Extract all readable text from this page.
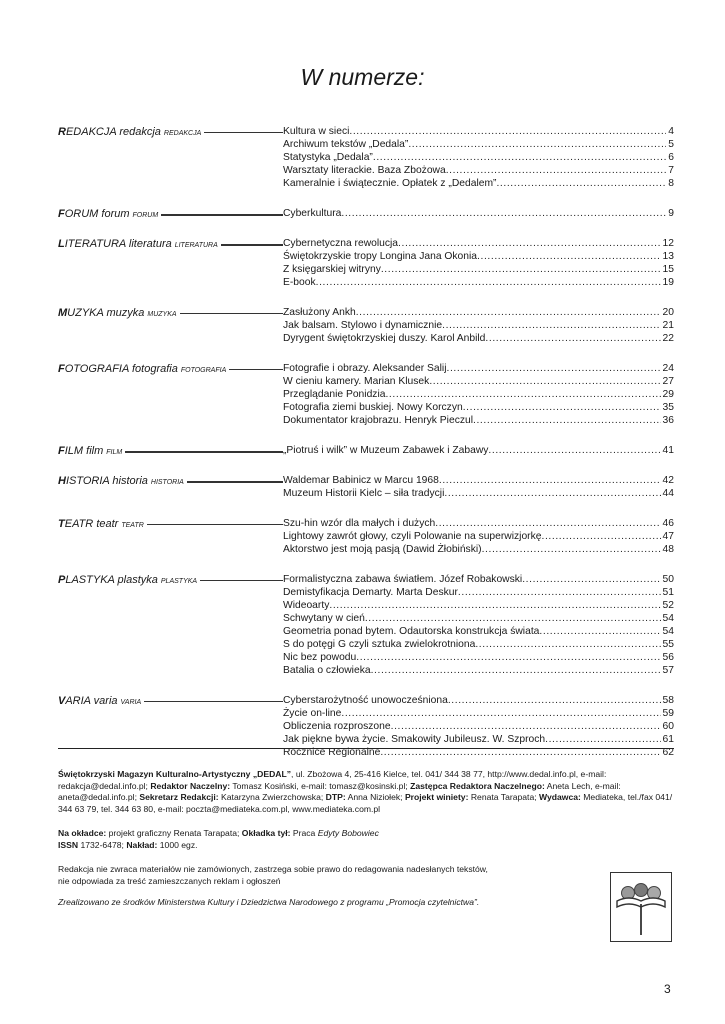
W numerze:
REDAKCJA redakcja REDAKCJA	Kultura w sieci .....	4
Archiwum tekstów „Dedala” .....	5
Statystyka „Dedala” .....	6
Warsztaty literackie. Baza Zbożowa .....	7
Kameralnie i świątecznie. Opłatek z „Dedalem” .....	8
FORUM forum FORUM	Cyberkultura .....	9
LITERATURA literatura LITERATURA	Cybernetyczna rewolucja .....	12
Świętokrzyskie tropy Longina Jana Okonia .....	13
Z księgarskiej witryny .....	15
E-book .....	19
MUZYKA muzyka MUZYKA	Zasłużony Ankh .....	20
Jak balsam. Stylowo i dynamicznie .....	21
Dyrygent świętokrzyskiej duszy. Karol Anbild .....	22
FOTOGRAFIA fotografia FOTOGRAFIA	Fotografie i obrazy. Aleksander Salij .....	24
W cieniu kamery. Marian Klusek .....	27
Przeglądanie Ponidzia .....	29
Fotografia ziemi buskiej. Nowy Korczyn .....	35
Dokumentator krajobrazu. Henryk Pieczul .....	36
FILM film FILM	„Piotruś i wilk” w Muzeum Zabawek i Zabawy .....	41
HISTORIA historia HISTORIA	Waldemar Babinicz w Marcu 1968 .....	42
Muzeum Historii Kielc – siła tradycji .....	44
TEATR teatr TEATR	Szu-hin wzór dla małych i dużych .....	46
Lightowy zawrót głowy, czyli Polowanie na superwizjorkę .....	47
Aktorstwo jest moją pasją (Dawid Żłobiński) .....	48
PLASTYKA plastyka PLASTYKA	Formalistyczna zabawa światłem. Józef Robakowski .....	50
Demistyfikacja Demarty. Marta Deskur .....	51
Wideoarty .....	52
Schwytany w cień .....	54
Geometria ponad bytem. Odautorska konstrukcja świata .....	54
S do potęgi G czyli sztuka zwielokrotniona .....	55
Nic bez powodu .....	56
Batalia o człowieka .....	57
VARIA varia VARIA	Cyberstarożytność unowocześniona .....	58
Życie on-line .....	59
Obliczenia rozproszone .....	60
Jak piękne bywa życie. Smakowity Jubileusz. W. Szproch .....	61
Rocznice Regionalne .....	62
Świętokrzyski Magazyn Kulturalno-Artystyczny „DEDAL”, ul. Zbożowa 4, 25-416 Kielce, tel. 041/ 344 38 77, http://www.dedal.info.pl, e-mail: redakcja@dedal.info.pl; Redaktor Naczelny: Tomasz Kosiński, e-mail: tomasz@kosinski.pl; Zastępca Redaktora Naczelnego: Aneta Lech, e-mail: aneta@dedal.info.pl; Sekretarz Redakcji: Katarzyna Zwierzchowska; DTP: Anna Niziołek; Projekt winiety: Renata Tarapata; Wydawca: Mediateka, tel./fax 041/ 344 63 79, tel. 344 63 80, e-mail: poczta@mediateka.com.pl, www.mediateka.com.pl
Na okładce: projekt graficzny Renata Tarapata; Okładka tył: Praca Edyty Bobowiec
ISSN 1732-6478; Nakład: 1000 egz.
Redakcja nie zwraca materiałów nie zamówionych, zastrzega sobie prawo do redagowania nadesłanych tekstów,
nie odpowiada za treść zamieszczanych reklam i ogłoszeń
Zrealizowano ze środków Ministerstwa Kultury i Dziedzictwa Narodowego z programu „Promocja czytelnictwa”.
3
